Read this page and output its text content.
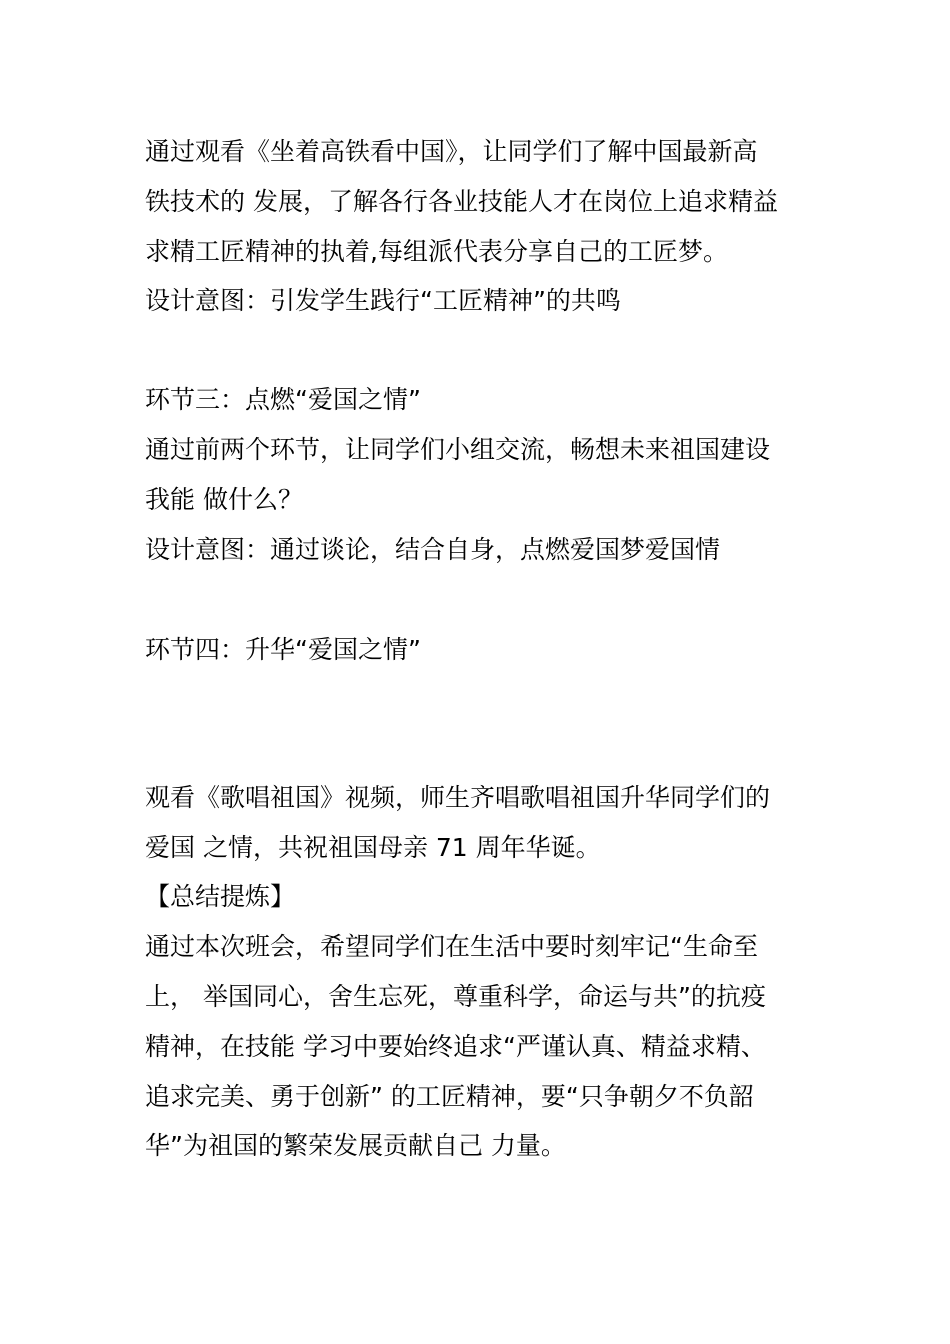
通过观看《坐着高铁看中国》，让同学们了解中国最新高
铁技术的 发展，了解各行各业技能人才在岗位上追求精益
求精工匠精神的执着,每组派代表分享自己的工匠梦。
设计意图：引发学生践行“工匠精神”的共鸣
环节三：点燃“爱国之情”
通过前两个环节，让同学们小组交流，畅想未来祖国建设
我能 做什么？
设计意图：通过谈论，结合自身，点燃爱国梦爱国情
环节四：升华“爱国之情”
观看《歌唱祖国》视频，师生齐唱歌唱祖国升华同学们的
爱国 之情，共祝祖国母亲 71 周年华诞。
【总结提炼】
通过本次班会，希望同学们在生活中要时刻牢记“生命至
上， 举国同心，舍生忘死，尊重科学，命运与共”的抗疫
精神，在技能 学习中要始终追求“严谨认真、精益求精、
追求完美、勇于创新” 的工匠精神，要“只争朝夕不负韶
华”为祖国的繁荣发展贡献自己 力量。
